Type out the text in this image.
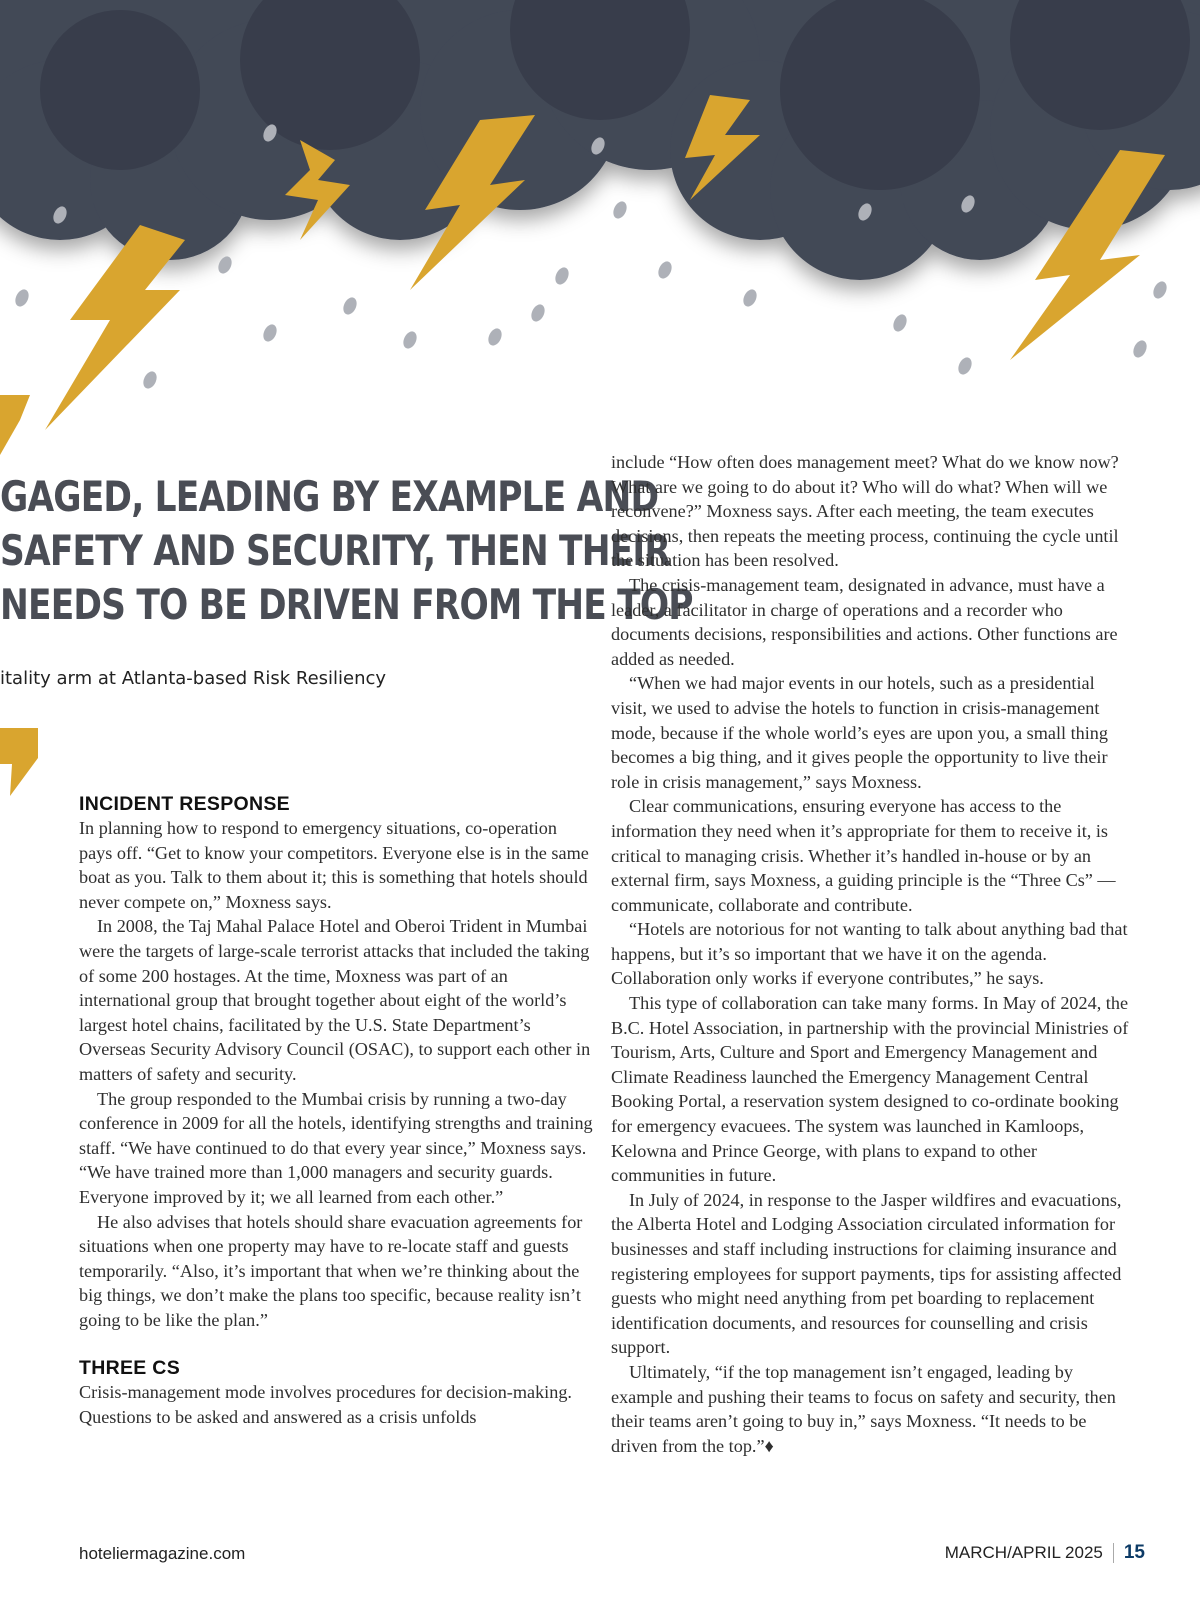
GAGED, LEADING BY EXAMPLE AND
SAFETY AND SECURITY, THEN THEIR
NEEDS TO BE DRIVEN FROM THE TOP
itality arm at Atlanta-based Risk Resiliency
INCIDENT RESPONSE

In planning how to respond to emergency situations, co-operation pays off. “Get to know your competitors. Everyone else is in the same boat as you. Talk to them about it; this is something that hotels should never compete on,” Moxness says.

In 2008, the Taj Mahal Palace Hotel and Oberoi Trident in Mumbai were the targets of large-scale terrorist attacks that included the taking of some 200 hostages. At the time, Moxness was part of an international group that brought together about eight of the world’s largest hotel chains, facilitated by the U.S. State Department’s Overseas Security Advisory Council (OSAC), to support each other in matters of safety and security.

The group responded to the Mumbai crisis by running a two-day conference in 2009 for all the hotels, identifying strengths and training staff. “We have continued to do that every year since,” Moxness says. “We have trained more than 1,000 managers and security guards. Everyone improved by it; we all learned from each other.”

He also advises that hotels should share evacuation agreements for situations when one property may have to re-locate staff and guests temporarily. “Also, it’s important that when we’re thinking about the big things, we don’t make the plans too specific, because reality isn’t going to be like the plan.”

THREE CS

Crisis-management mode involves procedures for decision-making. Questions to be asked and answered as a crisis unfolds

include “How often does management meet? What do we know now? What are we going to do about it? Who will do what? When will we reconvene?” Moxness says. After each meeting, the team executes decisions, then repeats the meeting process, continuing the cycle until the situation has been resolved.

The crisis-management team, designated in advance, must have a leader, a facilitator in charge of operations and a recorder who documents decisions, responsibilities and actions. Other functions are added as needed.

“When we had major events in our hotels, such as a presidential visit, we used to advise the hotels to function in crisis-management mode, because if the whole world’s eyes are upon you, a small thing becomes a big thing, and it gives people the opportunity to live their role in crisis management,” says Moxness.

Clear communications, ensuring everyone has access to the information they need when it’s appropriate for them to receive it, is critical to managing crisis. Whether it’s handled in-house or by an external firm, says Moxness, a guiding principle is the “Three Cs” — communicate, collaborate and contribute.

“Hotels are notorious for not wanting to talk about anything bad that happens, but it’s so important that we have it on the agenda. Collaboration only works if everyone contributes,” he says.

This type of collaboration can take many forms. In May of 2024, the B.C. Hotel Association, in partnership with the provincial Ministries of Tourism, Arts, Culture and Sport and Emergency Management and Climate Readiness launched the Emergency Management Central Booking Portal, a reservation system designed to co-ordinate booking for emergency evacuees. The system was launched in Kamloops, Kelowna and Prince George, with plans to expand to other communities in future.

In July of 2024, in response to the Jasper wildfires and evacuations, the Alberta Hotel and Lodging Association circulated information for businesses and staff including instructions for claiming insurance and registering employees for support payments, tips for assisting affected guests who might need anything from pet boarding to replacement identification documents, and resources for counselling and crisis support.

Ultimately, “if the top management isn’t engaged, leading by example and pushing their teams to focus on safety and security, then their teams aren’t going to buy in,” says Moxness. “It needs to be driven from the top.”♦

hoteliermagazine.com	MARCH/APRIL 2025 15
